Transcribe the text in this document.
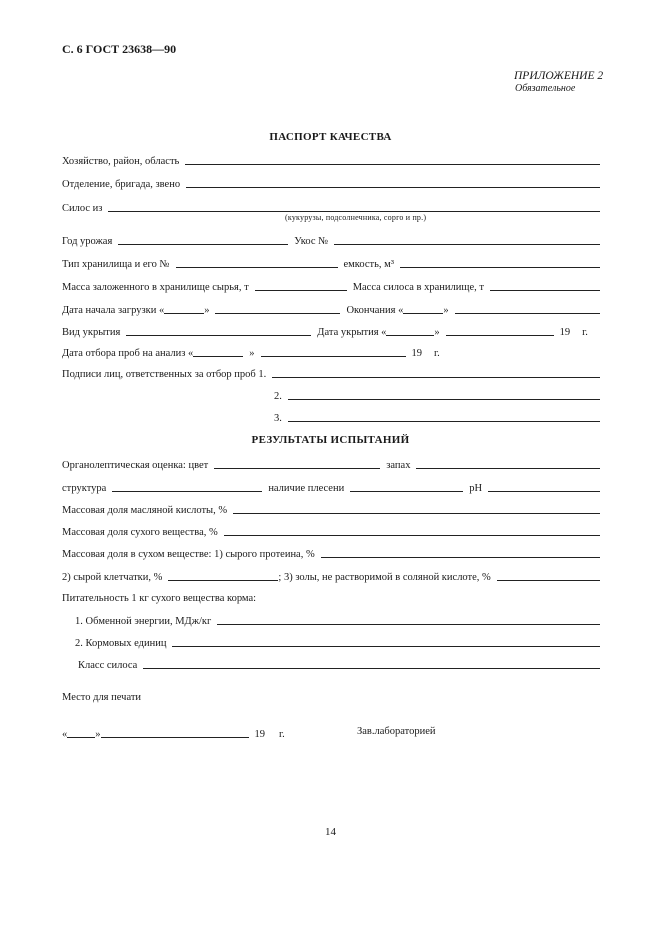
С. 6 ГОСТ 23638—90
ПРИЛОЖЕНИЕ 2
Обязательное
ПАСПОРТ КАЧЕСТВА
Хозяйство, район, область
Отделение, бригада, звено
Силос из
(кукурузы, подсолнечника, сорго и пр.)
Год урожая	Укос №
Тип хранилища и его №	емкость, м³
Масса заложенного в хранилище сырья, т	Масса силоса в хранилище, т
Дата начала загрузки «	»	Окончания «	»
Вид укрытия	Дата укрытия «	»	19 г.
Дата отбора проб на анализ «	»	19 г.
Подписи лиц, ответственных за отбор проб 1.
2.
3.
РЕЗУЛЬТАТЫ ИСПЫТАНИЙ
Органолептическая оценка: цвет	запах
структура	наличие плесени	pH
Массовая доля масляной кислоты, %
Массовая доля сухого вещества, %
Массовая доля в сухом веществе: 1) сырого протеина, %
2) сырой клетчатки, %	; 3) золы, не растворимой в соляной кислоте, %
Питательность 1 кг сухого вещества корма:
1. Обменной энергии, МДж/кг
2. Кормовых единиц
Класс силоса
Место для печати
«	»	19 г.	Зав.лабораторией
14
